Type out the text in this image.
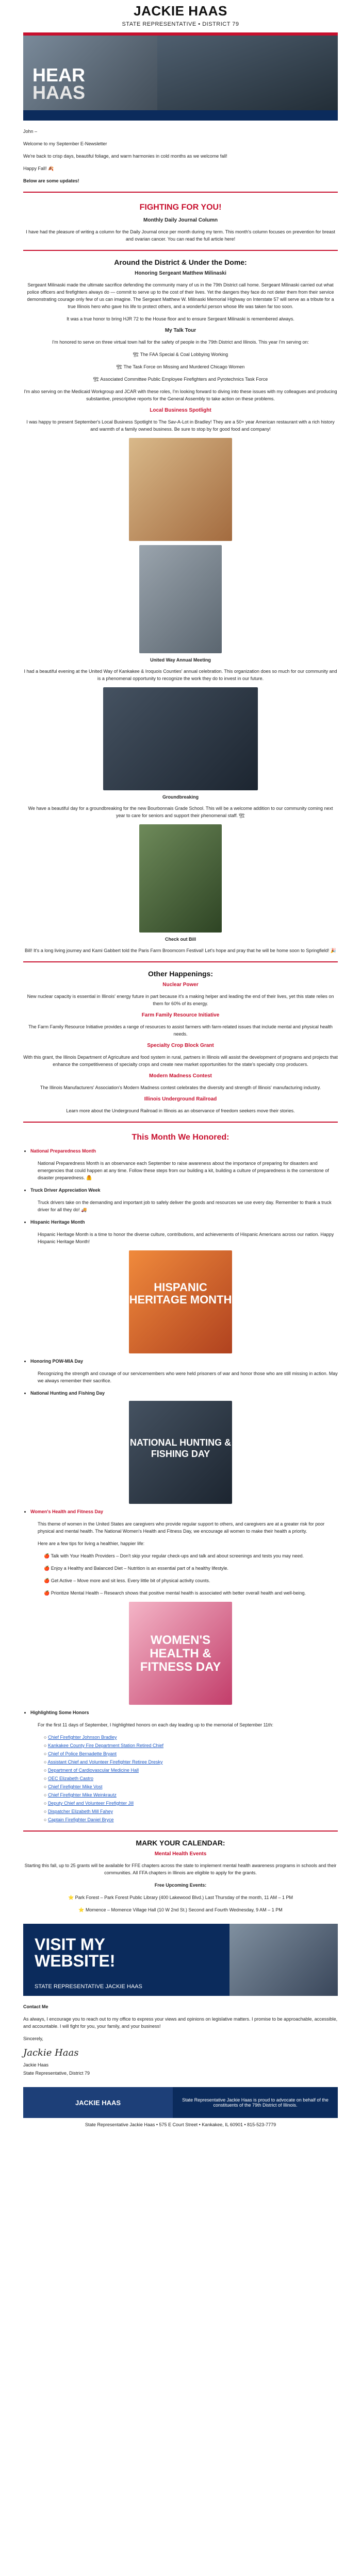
JACKIE HAAS
STATE REPRESENTATIVE • DISTRICT 79
HEAR
HAAS
John –
Welcome to my September E-Newsletter
We're back to crisp days, beautiful foliage, and warm harmonies in cold months as we welcome fall!
Happy Fall! 🍂
Below are some updates!
FIGHTING FOR YOU!
Monthly Daily Journal Column
I have had the pleasure of writing a column for the Daily Journal once per month during my term. This month's column focuses on prevention for breast and ovarian cancer. You can read the full article here!
Around the District & Under the Dome:
Honoring Sergeant Matthew Milinaski
Sergeant Milinaski made the ultimate sacrifice defending the community many of us in the 79th District call home. Sergeant Milinaski carried out what police officers and firefighters always do — commit to serve up to the cost of their lives. Yet the dangers they face do not deter them from their service demonstrating courage only few of us can imagine. The Sergeant Matthew W. Milinaski Memorial Highway on Interstate 57 will serve as a tribute for a true Illinois hero who gave his life to protect others, and a wonderful person whose life was taken far too soon.
It was a true honor to bring HJR 72 to the House floor and to ensure Sergeant Milinaski is remembered always.
My Talk Tour
I'm honored to serve on three virtual town hall for the safety of people in the 79th District and Illinois. This year I'm serving on:
🏗 The FAA Special & Coal Lobbying Working
🏗 The Task Force on Missing and Murdered Chicago Women
🏗 Associated Committee Public Employee Firefighters and Pyrotechnics Task Force
I'm also serving on the Medicaid Workgroup and JCAR with these roles, I'm looking forward to diving into these issues with my colleagues and producing substantive, prescriptive reports for the General Assembly to take action on these problems.
Local Business Spotlight
I was happy to present September's Local Business Spotlight to The Sav-A-Lot in Bradley! They are a 50+ year American restaurant with a rich history and warmth of a family owned business. Be sure to stop by for good food and company!
United Way Annual Meeting
I had a beautiful evening at the United Way of Kankakee & Iroquois Counties' annual celebration. This organization does so much for our community and is a phenomenal opportunity to recognize the work they do to invest in our future.
Groundbreaking
We have a beautiful day for a groundbreaking for the new Bourbonnais Grade School. This will be a welcome addition to our community coming next year to care for seniors and support their phenomenal staff. 🏗
Check out Bill
Bill! It's a long living journey and Kami Gabbert told the Paris Farm Broomcorn Festival! Let's hope and pray that he will be home soon to Springfield! 🎉
Other Happenings:
Nuclear Power
New nuclear capacity is essential in Illinois' energy future in part because it's a making helper and leading the end of their lives, yet this state relies on them for 60% of its energy.
Farm Family Resource Initiative
The Farm Family Resource Initiative provides a range of resources to assist farmers with farm-related issues that include mental and physical health needs.
Specialty Crop Block Grant
With this grant, the Illinois Department of Agriculture and food system in rural, partners in Illinois will assist the development of programs and projects that enhance the competitiveness of specialty crops and create new market opportunities for the state's specialty crop producers.
Modern Madness Contest
The Illinois Manufacturers' Association's Modern Madness contest celebrates the diversity and strength of Illinois' manufacturing industry.
Illinois Underground Railroad
Learn more about the Underground Railroad in Illinois as an observance of freedom seekers move their stories.
This Month We Honored:
• National Preparedness Month
National Preparedness Month is an observance each September to raise awareness about the importance of preparing for disasters and emergencies that could happen at any time. Follow these steps from our building a kit, building a culture of preparedness is the cornerstone of disaster preparedness. 🦺
• Truck Driver Appreciation Week
Truck drivers take on the demanding and important job to safely deliver the goods and resources we use every day. Remember to thank a truck driver for all they do! 🚚
• Hispanic Heritage Month
Hispanic Heritage Month is a time to honor the diverse culture, contributions, and achievements of Hispanic Americans across our nation. Happy Hispanic Heritage Month!
HISPANIC HERITAGE MONTH
• Honoring POW-MIA Day
Recognizing the strength and courage of our servicemembers who were held prisoners of war and honor those who are still missing in action. May we always remember their sacrifice.
• National Hunting and Fishing Day
NATIONAL HUNTING & FISHING DAY
• Women's Health and Fitness Day
This theme of women in the United States are caregivers who provide regular support to others, and caregivers are at a greater risk for poor physical and mental health. The National Women's Health and Fitness Day, we encourage all women to make their health a priority.
Here are a few tips for living a healthier, happier life:
🍎 Talk with Your Health Providers – Don't skip your regular check-ups and talk and about screenings and tests you may need.
🍎 Enjoy a Healthy and Balanced Diet – Nutrition is an essential part of a healthy lifestyle.
🍎 Get Active – Move more and sit less. Every little bit of physical activity counts.
🍎 Prioritize Mental Health – Research shows that positive mental health is associated with better overall health and well-being.
WOMEN'S HEALTH & FITNESS DAY
• Highlighting Some Honors
For the first 11 days of September, I highlighted honors on each day leading up to the memorial of September 11th:
○ Chief Firefighter Johnson Bradley
○ Kankakee County Fire Department Station Retired Chief
○ Chief of Police Bernadette Bryant
○ Assistant Chief and Volunteer Firefighter Retiree Dresky
○ Department of Cardiovascular Medicine Hall
○ OEC Elizabeth Castro
○ Chief Firefighter Mike Vost
○ Chief Firefighter Mike Weinkrautz
○ Deputy Chief and Volunteer Firefighter Jill
○ Dispatcher Elizabeth Mill Fahey
○ Captain Firefighter Daniel Bryce
MARK YOUR CALENDAR:
Mental Health Events
Starting this fall, up to 25 grants will be available for FFE chapters across the state to implement mental health awareness programs in schools and their communities. All FFA chapters in Illinois are eligible to apply for the grants.
Free Upcoming Events:
⭐ Park Forest – Park Forest Public Library (400 Lakewood Blvd.) Last Thursday of the month, 11 AM – 1 PM
⭐ Momence – Momence Village Hall (10 W 2nd St.) Second and Fourth Wednesday, 9 AM – 1 PM
VISIT MY
WEBSITE!
STATE REPRESENTATIVE JACKIE HAAS
Contact Me
As always, I encourage you to reach out to my office to express your views and opinions on legislative matters. I promise to be approachable, accessible, and accountable. I will fight for you, your family, and your business!
Sincerely,
Jackie Haas
Jackie Haas
State Representative, District 79
JACKIE HAAS	State Representative Jackie Haas is proud to advocate on behalf of the constituents of the 79th District of Illinois.
State Representative Jackie Haas • 575 E Court Street • Kankakee, IL 60901 • 815-523-7779
